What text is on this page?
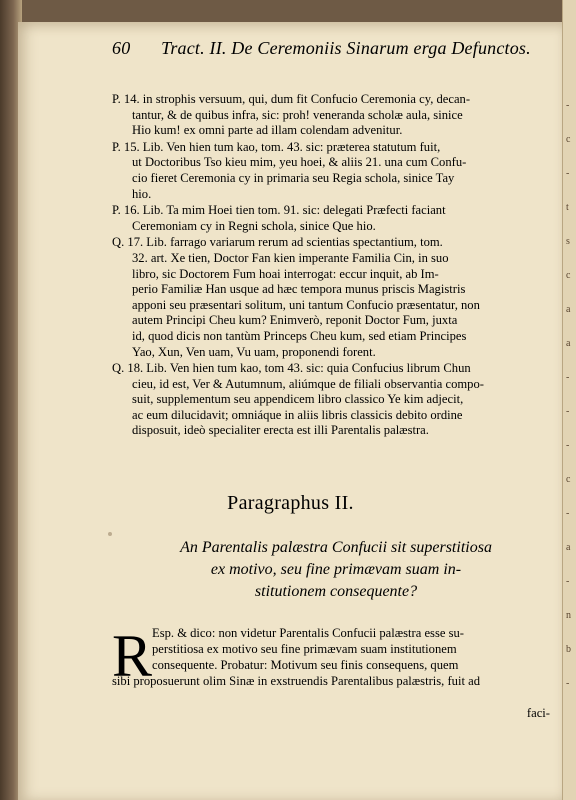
-
c
-
t
s
c
a
a
-
-
-
c
-
a
-
n
b
-
60 Tract. II. De Ceremoniis Sinarum erga Defunctos.
P. 14. in strophis versuum, qui, dum fit Confucio Ceremonia cy, decan-
tantur, & de quibus infra, sic: proh! veneranda scholæ aula, sinice
Hio kum! ex omni parte ad illam colendam advenitur.
P. 15. Lib. Ven hien tum kao, tom. 43. sic: præterea statutum fuit,
ut Doctoribus Tso kieu mim, yeu hoei, & aliis 21. una cum Confu-
cio fieret Ceremonia cy in primaria seu Regia schola, sinice Tay
hio.
P. 16. Lib. Ta mim Hoei tien tom. 91. sic: delegati Præfecti faciant
Ceremoniam cy in Regni schola, sinice Que hio.
Q. 17. Lib. farrago variarum rerum ad scientias spectantium, tom.
32. art. Xe tien, Doctor Fan kien imperante Familia Cin, in suo
libro, sic Doctorem Fum hoai interrogat: eccur inquit, ab Im-
perio Familiæ Han usque ad hæc tempora munus priscis Magistris
apponi seu præsentari solitum, uni tantum Confucio præsentatur, non
autem Principi Cheu kum? Enimverò, reponit Doctor Fum, juxta
id, quod dicis non tantùm Princeps Cheu kum, sed etiam Principes
Yao, Xun, Ven uam, Vu uam, proponendi forent.
Q. 18. Lib. Ven hien tum kao, tom 43. sic: quia Confucius librum Chun
cieu, id est, Ver & Autumnum, aliúmque de filiali observantia compo-
suit, supplementum seu appendicem libro classico Ye kim adjecit,
ac eum dilucidavit; omniáque in aliis libris classicis debito ordine
disposuit, ideò specialiter erecta est illi Parentalis palæstra.
Paragraphus II.
An Parentalis palæstra Confucii sit superstitiosa
ex motivo, seu fine primævam suam in-
stitutionem consequente?
R Esp. & dico: non videtur Parentalis Confucii palæstra esse su-
perstitiosa ex motivo seu fine primævam suam institutionem
consequente. Probatur: Motivum seu finis consequens, quem
sibi proposuerunt olim Sinæ in exstruendis Parentalibus palæstris, fuit ad
faci-
